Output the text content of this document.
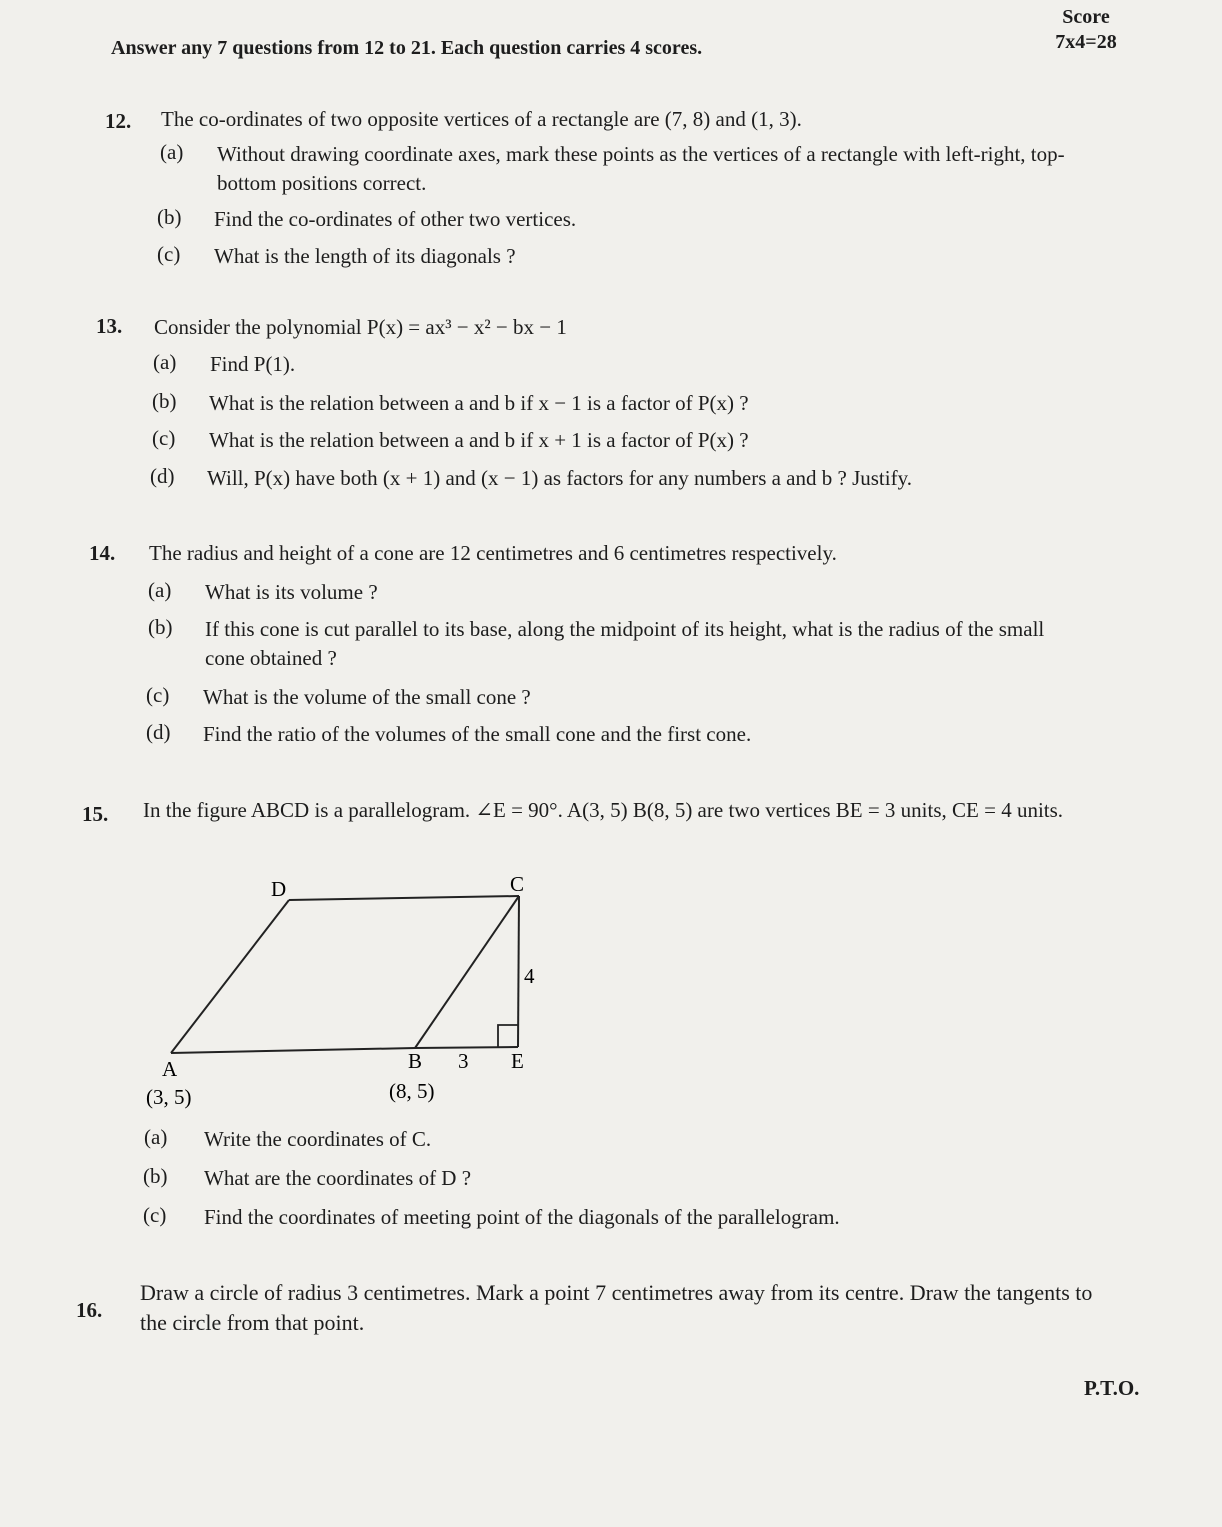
Answer any 7 questions from 12 to 21. Each question carries 4 scores.
Score
7x4=28
12. The co-ordinates of two opposite vertices of a rectangle are (7, 8) and (1, 3).
(a) Without drawing coordinate axes, mark these points as the vertices of a rectangle with left-right, top-bottom positions correct.
(b) Find the co-ordinates of other two vertices.
(c) What is the length of its diagonals ?
13. Consider the polynomial P(x) = ax³ − x² − bx − 1
(a) Find P(1).
(b) What is the relation between a and b if x − 1 is a factor of P(x) ?
(c) What is the relation between a and b if x + 1 is a factor of P(x) ?
(d) Will, P(x) have both (x + 1) and (x − 1) as factors for any numbers a and b ? Justify.
14. The radius and height of a cone are 12 centimetres and 6 centimetres respectively.
(a) What is its volume ?
(b) If this cone is cut parallel to its base, along the midpoint of its height, what is the radius of the small cone obtained ?
(c) What is the volume of the small cone ?
(d) Find the ratio of the volumes of the small cone and the first cone.
15. In the figure ABCD is a parallelogram. ∠E = 90°. A(3, 5) B(8, 5) are two vertices BE = 3 units, CE = 4 units.
D	C
A	B	E
3
4
(3, 5)	(8, 5)
(a) Write the coordinates of C.
(b) What are the coordinates of D ?
(c) Find the coordinates of meeting point of the diagonals of the parallelogram.
16.
Draw a circle of radius 3 centimetres. Mark a point 7 centimetres away from its centre. Draw the tangents to the circle from that point.
P.T.O.
